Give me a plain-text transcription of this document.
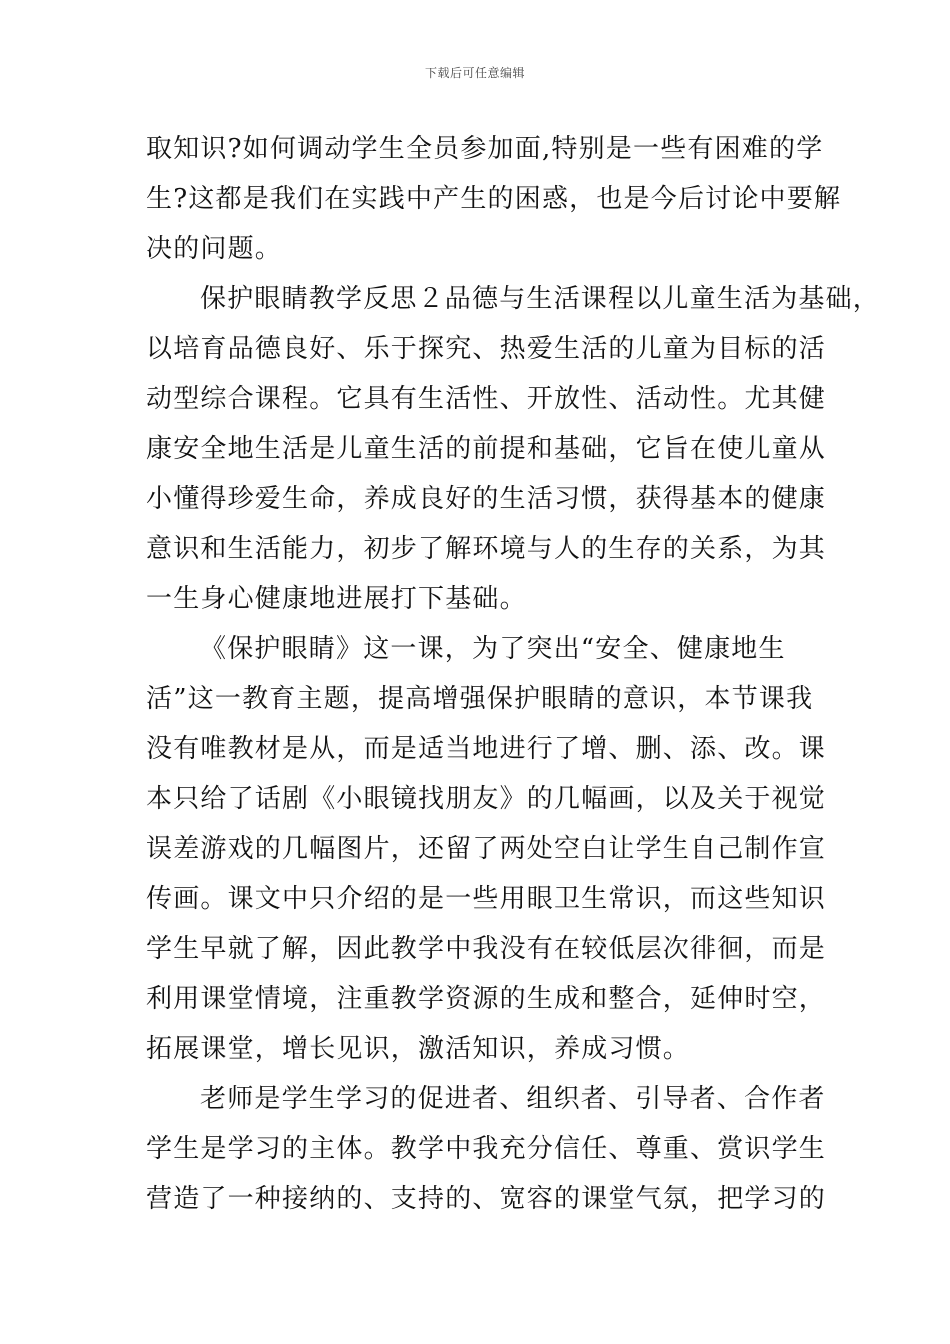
下载后可任意编辑
取知识?如何调动学生全员参加面,特别是一些有困难的学
生?这都是我们在实践中产生的困惑，也是今后讨论中要解
决的问题。
保护眼睛教学反思２品德与生活课程以儿童生活为基础，
以培育品德良好、乐于探究、热爱生活的儿童为目标的活
动型综合课程。它具有生活性、开放性、活动性。尤其健
康安全地生活是儿童生活的前提和基础，它旨在使儿童从
小懂得珍爱生命，养成良好的生活习惯，获得基本的健康
意识和生活能力，初步了解环境与人的生存的关系，为其
一生身心健康地进展打下基础。
《保护眼睛》这一课，为了突出“安全、健康地生
活”这一教育主题，提高增强保护眼睛的意识，本节课我
没有唯教材是从，而是适当地进行了增、删、添、改。课
本只给了话剧《小眼镜找朋友》的几幅画，以及关于视觉
误差游戏的几幅图片，还留了两处空白让学生自己制作宣
传画。课文中只介绍的是一些用眼卫生常识，而这些知识
学生早就了解，因此教学中我没有在较低层次徘徊，而是
利用课堂情境，注重教学资源的生成和整合，延伸时空，
拓展课堂，增长见识，激活知识，养成习惯。
老师是学生学习的促进者、组织者、引导者、合作者
学生是学习的主体。教学中我充分信任、尊重、赏识学生
营造了一种接纳的、支持的、宽容的课堂气氛，把学习的
